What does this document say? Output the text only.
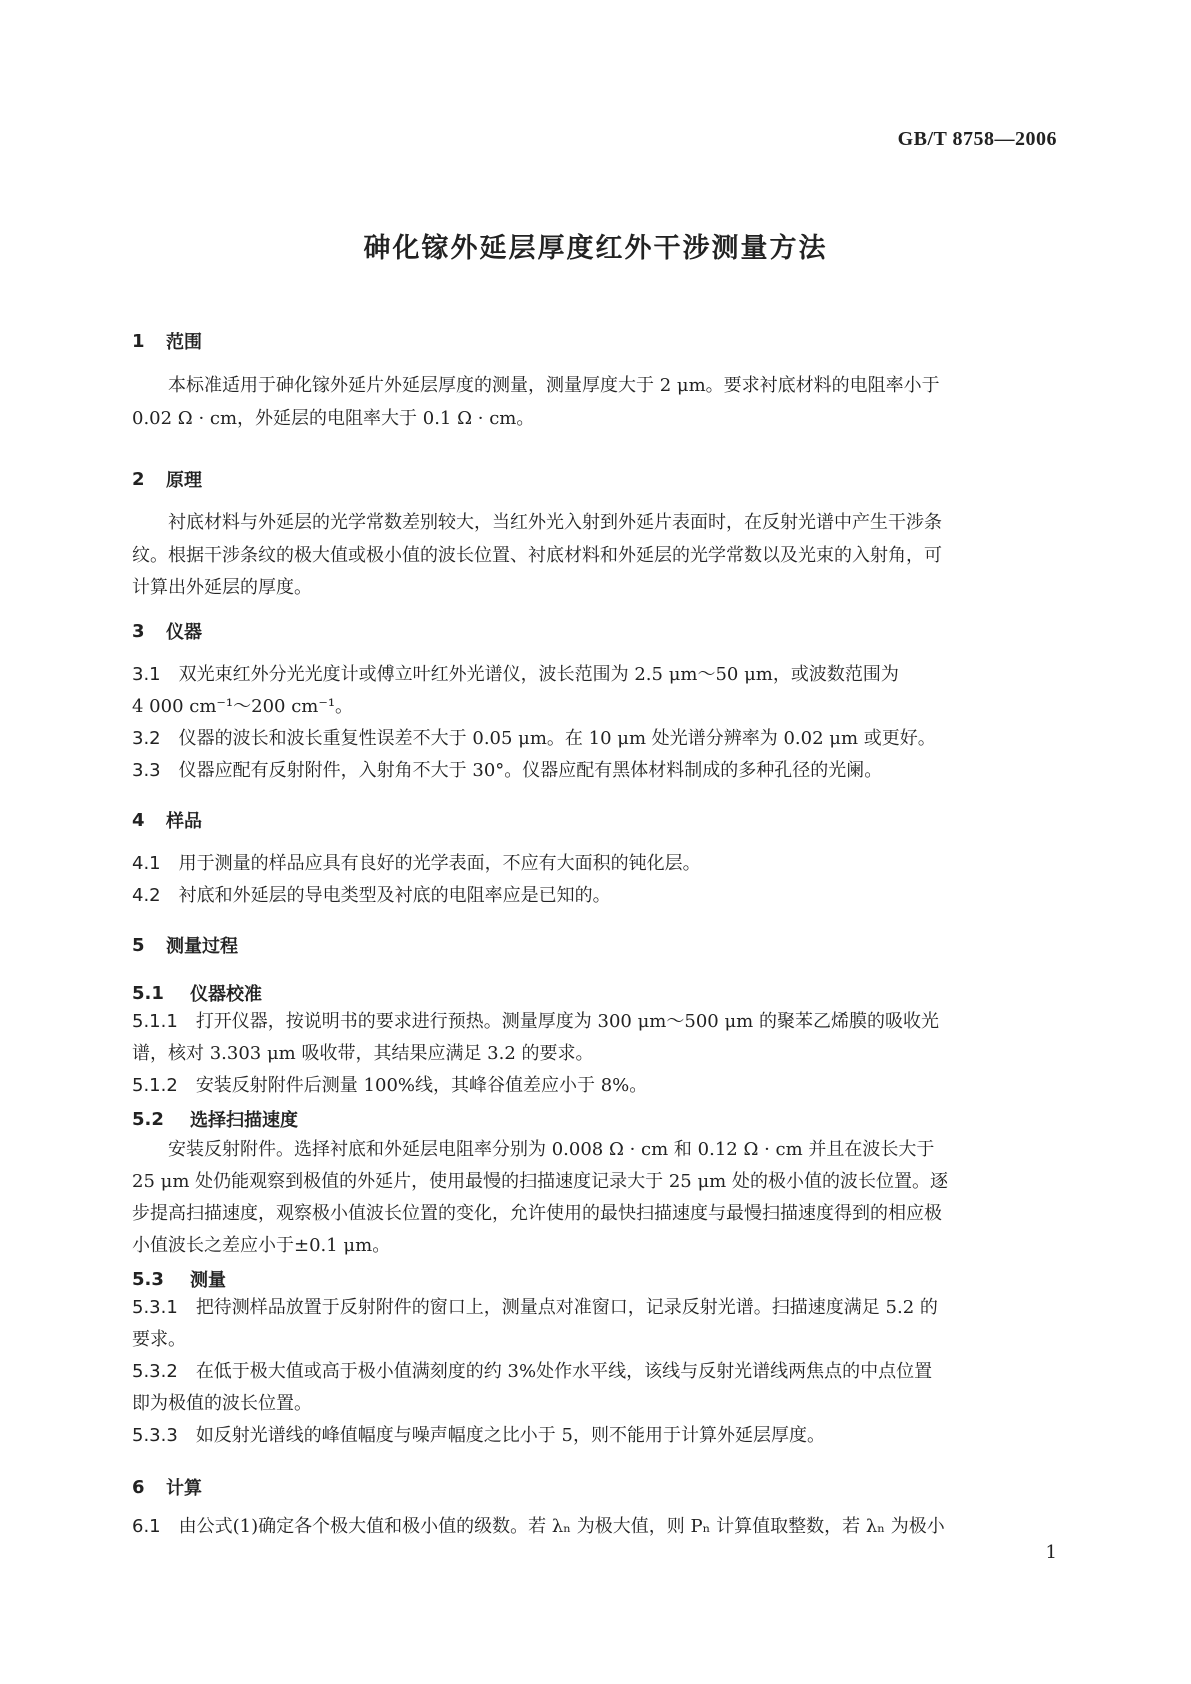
GB/T 8758—2006
砷化镓外延层厚度红外干涉测量方法
1	范围
本标准适用于砷化镓外延片外延层厚度的测量，测量厚度大于 2 μm。要求衬底材料的电阻率小于
0.02 Ω · cm，外延层的电阻率大于 0.1 Ω · cm。
2	原理
衬底材料与外延层的光学常数差别较大，当红外光入射到外延片表面时，在反射光谱中产生干涉条
纹。根据干涉条纹的极大值或极小值的波长位置、衬底材料和外延层的光学常数以及光束的入射角，可
计算出外延层的厚度。
3	仪器
3.1 双光束红外分光光度计或傅立叶红外光谱仪，波长范围为 2.5 μm～50 μm，或波数范围为
4 000 cm⁻¹～200 cm⁻¹。
3.2 仪器的波长和波长重复性误差不大于 0.05 μm。在 10 μm 处光谱分辨率为 0.02 μm 或更好。
3.3 仪器应配有反射附件，入射角不大于 30°。仪器应配有黑体材料制成的多种孔径的光阑。
4	样品
4.1 用于测量的样品应具有良好的光学表面，不应有大面积的钝化层。
4.2 衬底和外延层的导电类型及衬底的电阻率应是已知的。
5	测量过程
5.1	仪器校准
5.1.1 打开仪器，按说明书的要求进行预热。测量厚度为 300 μm～500 μm 的聚苯乙烯膜的吸收光
谱，核对 3.303 μm 吸收带，其结果应满足 3.2 的要求。
5.1.2 安装反射附件后测量 100%线，其峰谷值差应小于 8%。
5.2	选择扫描速度
安装反射附件。选择衬底和外延层电阻率分别为 0.008 Ω · cm 和 0.12 Ω · cm 并且在波长大于
25 μm 处仍能观察到极值的外延片，使用最慢的扫描速度记录大于 25 μm 处的极小值的波长位置。逐
步提高扫描速度，观察极小值波长位置的变化，允许使用的最快扫描速度与最慢扫描速度得到的相应极
小值波长之差应小于±0.1 μm。
5.3	测量
5.3.1 把待测样品放置于反射附件的窗口上，测量点对准窗口，记录反射光谱。扫描速度满足 5.2 的
要求。
5.3.2 在低于极大值或高于极小值满刻度的约 3%处作水平线，该线与反射光谱线两焦点的中点位置
即为极值的波长位置。
5.3.3 如反射光谱线的峰值幅度与噪声幅度之比小于 5，则不能用于计算外延层厚度。
6	计算
6.1 由公式(1)确定各个极大值和极小值的级数。若 λₙ 为极大值，则 Pₙ 计算值取整数，若 λₙ 为极小
1
